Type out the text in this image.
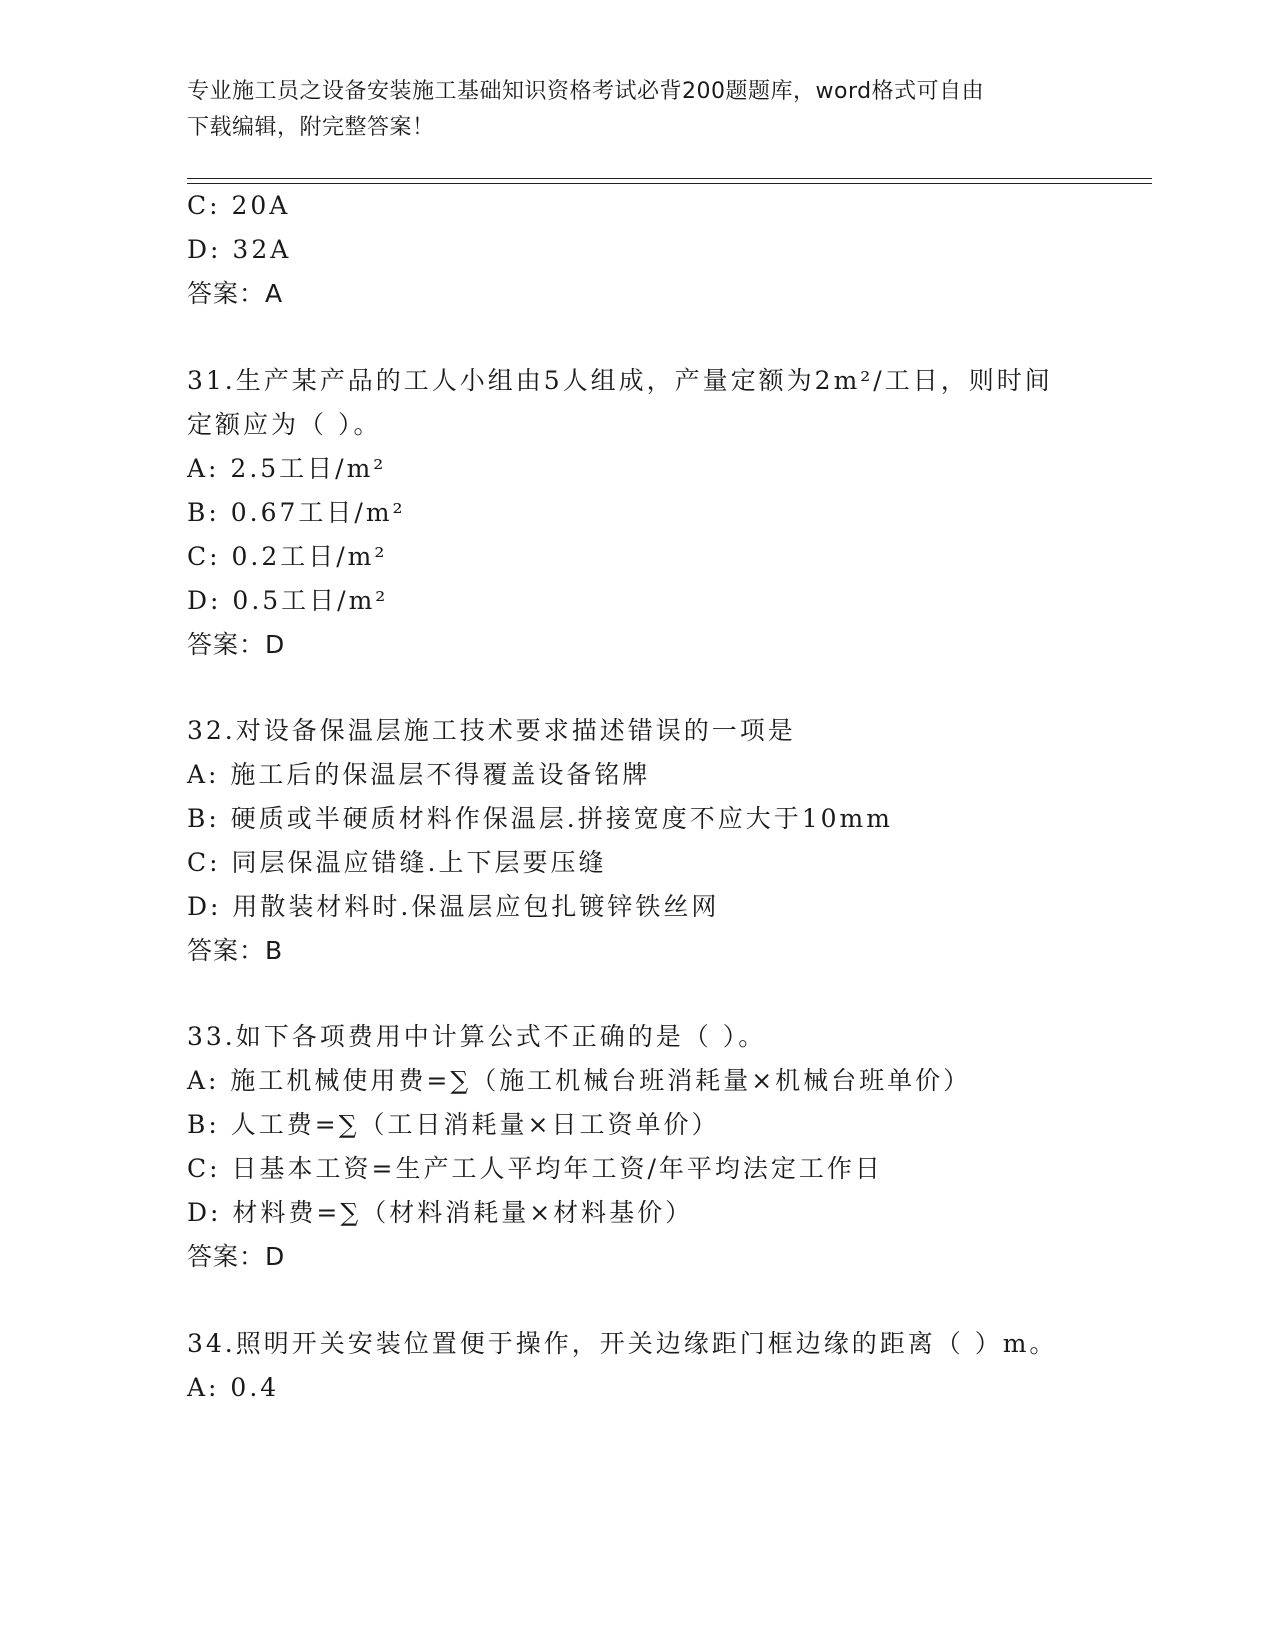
专业施工员之设备安装施工基础知识资格考试必背200题题库，word格式可自由
下载编辑，附完整答案！
C: 20A
D: 32A
答案：A
31.生产某产品的工人小组由5人组成，产量定额为2m²/工日，则时间
定额应为（ ）。
A: 2.5工日/m²
B: 0.67工日/m²
C: 0.2工日/m²
D: 0.5工日/m²
答案：D
32.对设备保温层施工技术要求描述错误的一项是
A: 施工后的保温层不得覆盖设备铭牌
B: 硬质或半硬质材料作保温层.拼接宽度不应大于10mm
C: 同层保温应错缝.上下层要压缝
D: 用散装材料时.保温层应包扎镀锌铁丝网
答案：B
33.如下各项费用中计算公式不正确的是（ ）。
A: 施工机械使用费=∑（施工机械台班消耗量×机械台班单价）
B: 人工费=∑（工日消耗量×日工资单价）
C: 日基本工资=生产工人平均年工资/年平均法定工作日
D: 材料费=∑（材料消耗量×材料基价）
答案：D
34.照明开关安装位置便于操作，开关边缘距门框边缘的距离（ ）m。
A: 0.4
